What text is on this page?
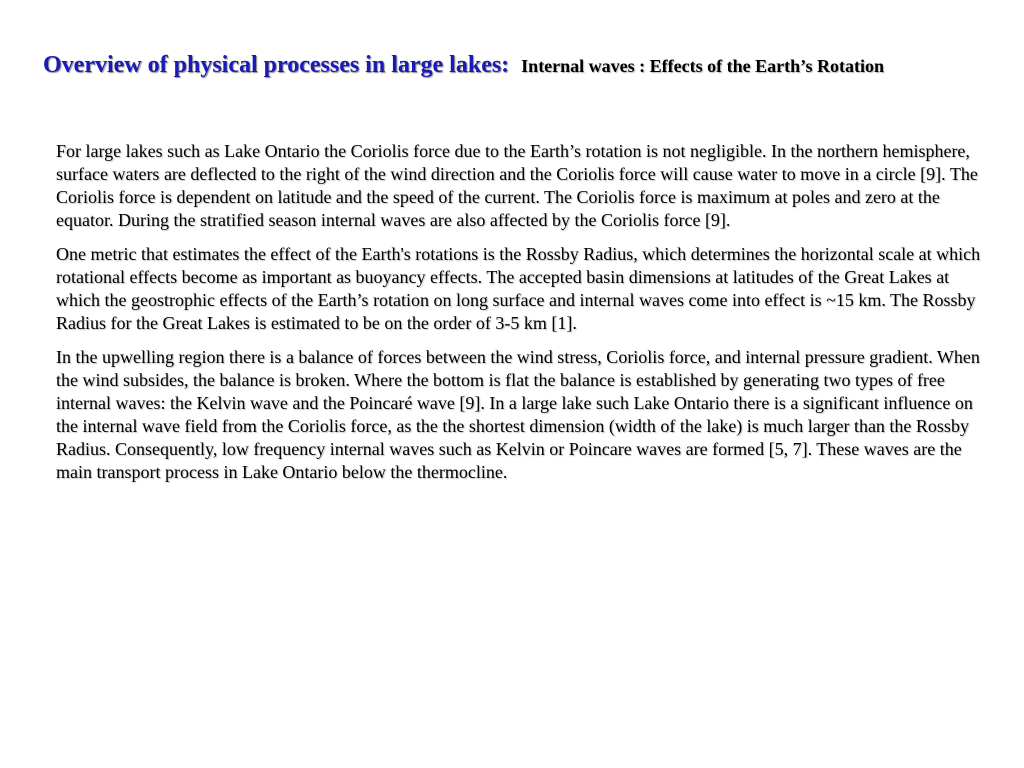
Overview of physical processes in large lakes: Internal waves : Effects of the Earth’s Rotation

For large lakes such as Lake Ontario the Coriolis force due to the Earth’s rotation is not negligible. In the northern hemisphere, surface waters are deflected to the right of the wind direction and the Coriolis force will cause water to move in a circle [9]. The Coriolis force is dependent on latitude and the speed of the current. The Coriolis force is maximum at poles and zero at the equator. During the stratified season internal waves are also affected by the Coriolis force [9].

One metric that estimates the effect of the Earth's rotations is the Rossby Radius, which determines the horizontal scale at which rotational effects become as important as buoyancy effects. The accepted basin dimensions at latitudes of the Great Lakes at which the geostrophic effects of the Earth’s rotation on long surface and internal waves come into effect is ~15 km. The Rossby Radius for the Great Lakes is estimated to be on the order of 3-5 km [1].

In the upwelling region there is a balance of forces between the wind stress, Coriolis force, and internal pressure gradient. When the wind subsides, the balance is broken. Where the bottom is flat the balance is established by generating two types of free internal waves: the Kelvin wave and the Poincaré wave [9]. In a large lake such Lake Ontario there is a significant influence on the internal wave field from the Coriolis force, as the the shortest dimension (width of the lake) is much larger than the Rossby Radius. Consequently, low frequency internal waves such as Kelvin or Poincare waves are formed [5, 7]. These waves are the main transport process in Lake Ontario below the thermocline.
